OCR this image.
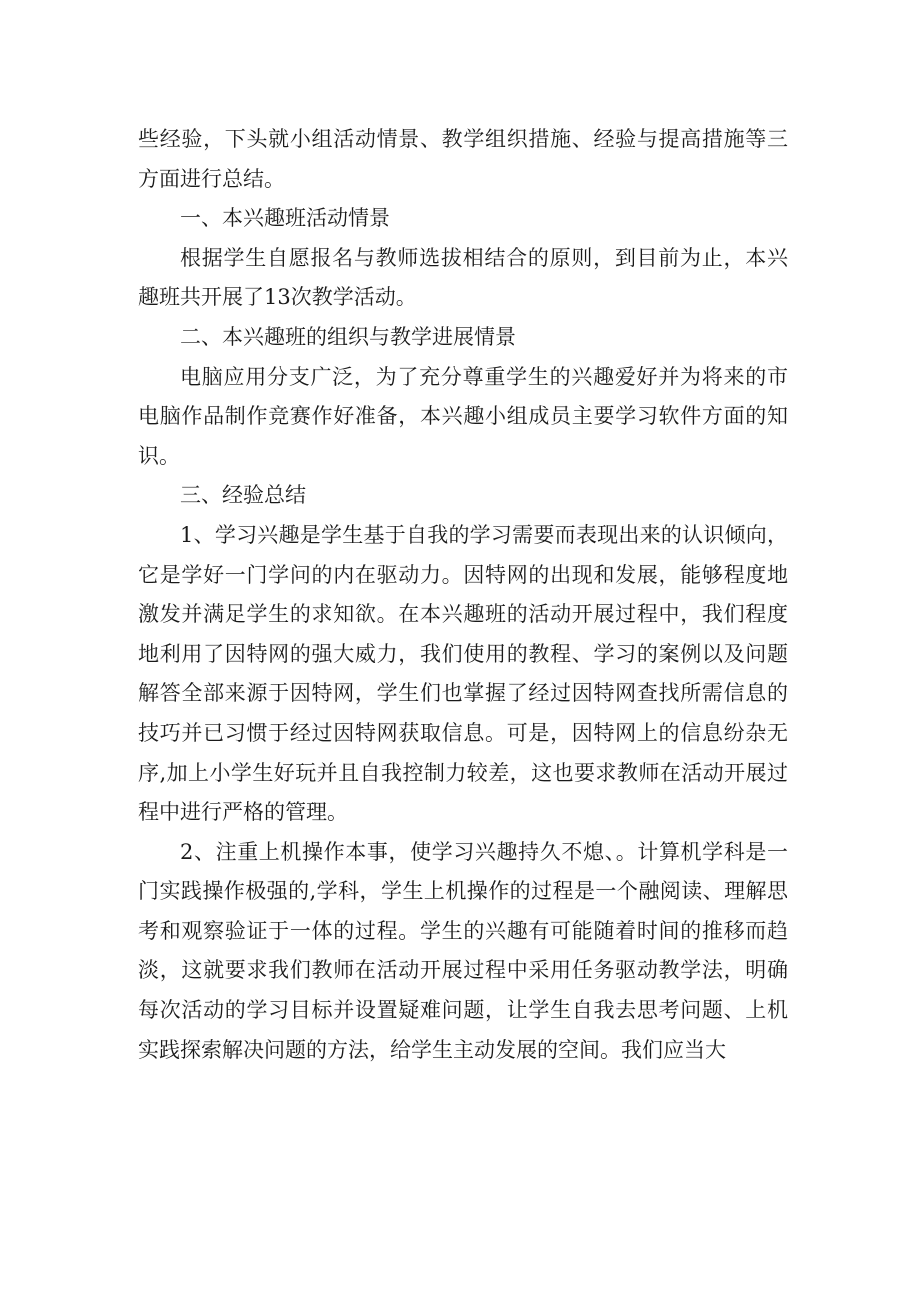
些经验，下头就小组活动情景、教学组织措施、经验与提高措施等三方面进行总结。

一、本兴趣班活动情景

根据学生自愿报名与教师选拔相结合的原则，到目前为止，本兴趣班共开展了13次教学活动。

二、本兴趣班的组织与教学进展情景

电脑应用分支广泛，为了充分尊重学生的兴趣爱好并为将来的市电脑作品制作竞赛作好准备，本兴趣小组成员主要学习软件方面的知识。

三、经验总结

1、学习兴趣是学生基于自我的学习需要而表现出来的认识倾向，它是学好一门学问的内在驱动力。因特网的出现和发展，能够程度地激发并满足学生的求知欲。在本兴趣班的活动开展过程中，我们程度地利用了因特网的强大威力，我们使用的教程、学习的案例以及问题解答全部来源于因特网，学生们也掌握了经过因特网查找所需信息的技巧并已习惯于经过因特网获取信息。可是，因特网上的信息纷杂无序,加上小学生好玩并且自我控制力较差，这也要求教师在活动开展过程中进行严格的管理。

2、注重上机操作本事，使学习兴趣持久不熄、。计算机学科是一门实践操作极强的,学科，学生上机操作的过程是一个融阅读、理解思考和观察验证于一体的过程。学生的兴趣有可能随着时间的推移而趋淡，这就要求我们教师在活动开展过程中采用任务驱动教学法，明确每次活动的学习目标并设置疑难问题，让学生自我去思考问题、上机实践探索解决问题的方法，给学生主动发展的空间。我们应当大
